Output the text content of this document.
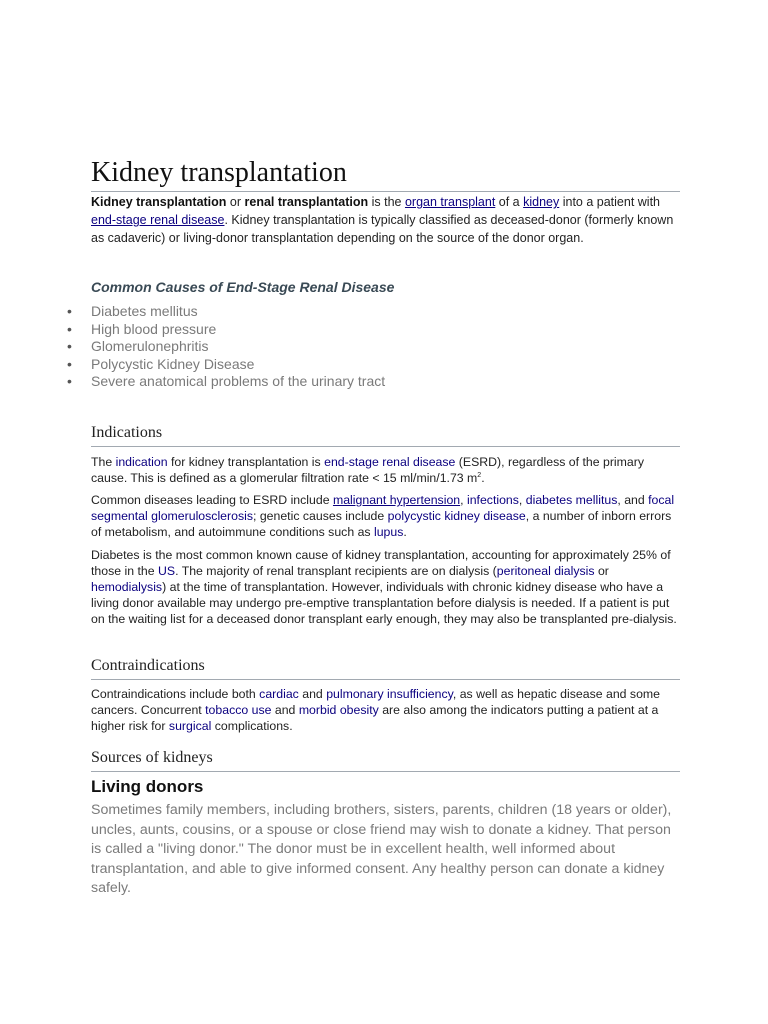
Kidney transplantation

Kidney transplantation or renal transplantation is the organ transplant of a kidney into a patient with end-stage renal disease. Kidney transplantation is typically classified as deceased-donor (formerly known as cadaveric) or living-donor transplantation depending on the source of the donor organ.

Common Causes of End-Stage Renal Disease
• Diabetes mellitus
• High blood pressure
• Glomerulonephritis
• Polycystic Kidney Disease
• Severe anatomical problems of the urinary tract
Indications

The indication for kidney transplantation is end-stage renal disease (ESRD), regardless of the primary cause. This is defined as a glomerular filtration rate < 15 ml/min/1.73 $m^2$.

Common diseases leading to ESRD include malignant hypertension, infections, diabetes mellitus, and focal segmental glomerulosclerosis; genetic causes include polycystic kidney disease, a number of inborn errors of metabolism, and autoimmune conditions such as lupus.

Diabetes is the most common known cause of kidney transplantation, accounting for approximately 25% of those in the US. The majority of renal transplant recipients are on dialysis (peritoneal dialysis or hemodialysis) at the time of transplantation. However, individuals with chronic kidney disease who have a living donor available may undergo pre-emptive transplantation before dialysis is needed. If a patient is put on the waiting list for a deceased donor transplant early enough, they may also be transplanted pre-dialysis.

Contraindications

Contraindications include both cardiac and pulmonary insufficiency, as well as hepatic disease and some cancers. Concurrent tobacco use and morbid obesity are also among the indicators putting a patient at a higher risk for surgical complications.

Sources of kidneys
Living donors

Sometimes family members, including brothers, sisters, parents, children (18 years or older), uncles, aunts, cousins, or a spouse or close friend may wish to donate a kidney. That person is called a "living donor." The donor must be in excellent health, well informed about transplantation, and able to give informed consent. Any healthy person can donate a kidney safely.
